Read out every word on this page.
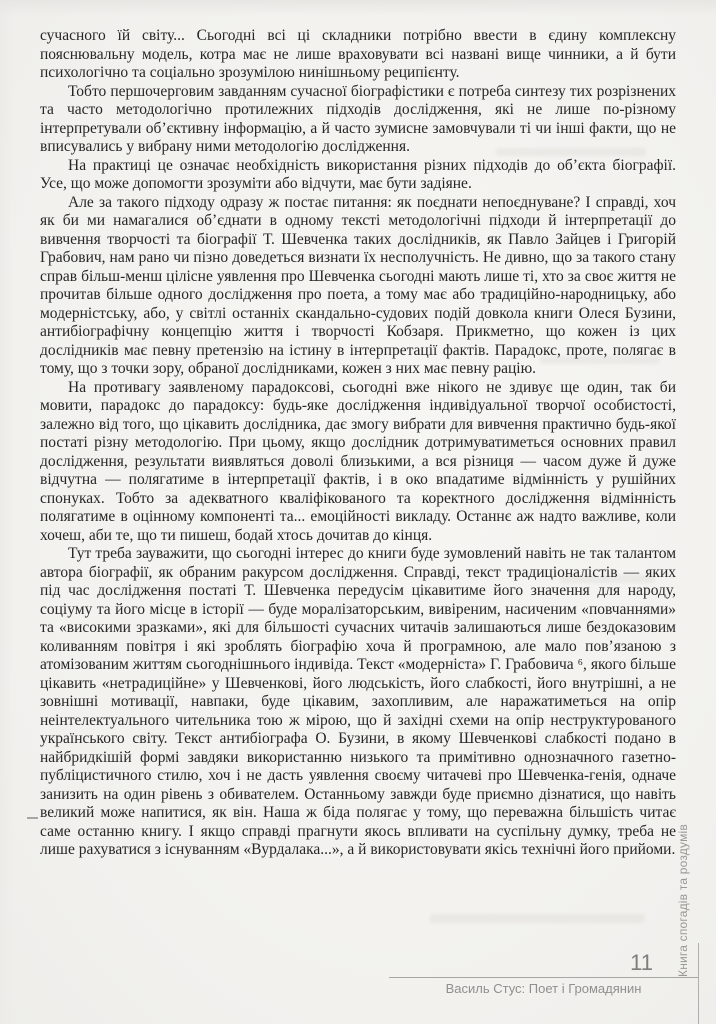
сучасного їй світу... Сьогодні всі ці складники потрібно ввести в єдину комплексну пояснювальну модель, котра має не лише враховувати всі названі вище чинники, а й бути психологічно та соціально зрозумілою нинішньому реципієнту.

Тобто першочерговим завданням сучасної біографістики є потреба синтезу тих розрізнених та часто методологічно протилежних підходів дослідження, які не лише по-різному інтерпретували об’єктивну інформацію, а й часто зумисне замовчували ті чи інші факти, що не вписувались у вибрану ними методологію дослідження.

На практиці це означає необхідність використання різних підходів до об’єкта біографії. Усе, що може допомогти зрозуміти або відчути, має бути задіяне.

Але за такого підходу одразу ж постає питання: як поєднати непоєднуване? І справді, хоч як би ми намагалися об’єднати в одному тексті методологічні підходи й інтерпретації до вивчення творчості та біографії Т. Шевченка таких дослідників, як Павло Зайцев і Григорій Грабович, нам рано чи пізно доведеться визнати їх несполучність. Не дивно, що за такого стану справ більш-менш цілісне уявлення про Шевченка сьогодні мають лише ті, хто за своє життя не прочитав більше одного дослідження про поета, а тому має або традиційно-народницьку, або модерністську, або, у світлі останніх скандально-судових подій довкола книги Олеся Бузини, антибіографічну концепцію життя і творчості Кобзаря. Прикметно, що кожен із цих дослідників має певну претензію на істину в інтерпретації фактів. Парадокс, проте, полягає в тому, що з точки зору, обраної дослідниками, кожен з них має певну рацію.

На противагу заявленому парадоксові, сьогодні вже нікого не здивує ще один, так би мовити, парадокс до парадоксу: будь-яке дослідження індивідуальної творчої особистості, залежно від того, що цікавить дослідника, дає змогу вибрати для вивчення практично будь-якої постаті різну методологію. При цьому, якщо дослідник дотримуватиметься основних правил дослідження, результати виявляться доволі близькими, а вся різниця — часом дуже й дуже відчутна — полягатиме в інтерпретації фактів, і в око впадатиме відмінність у рушійних спонуках. Тобто за адекватного кваліфікованого та коректного дослідження відмінність полягатиме в оцінному компоненті та... емоційності викладу. Останнє аж надто важливе, коли хочеш, аби те, що ти пишеш, бодай хтось дочитав до кінця.

Тут треба зауважити, що сьогодні інтерес до книги буде зумовлений навіть не так талантом автора біографії, як обраним ракурсом дослідження. Справді, текст традиціоналістів — яких під час дослідження постаті Т. Шевченка передусім цікавитиме його значення для народу, соціуму та його місце в історії — буде моралізаторським, вивіреним, насиченим «повчаннями» та «високими зразками», які для більшості сучасних читачів залишаються лише бездоказовим коливанням повітря і які зроблять біографію хоча й програмною, але мало пов’язаною з атомізованим життям сьогоднішнього індивіда. Текст «модерніста» Г. Грабовича ⁶, якого більше цікавить «нетрадиційне» у Шевченкові, його людськість, його слабкості, його внутрішні, а не зовнішні мотивації, навпаки, буде цікавим, захопливим, але наражатиметься на опір неінтелектуального чительника тою ж мірою, що й західні схеми на опір неструктурованого українського світу. Текст антибіографа О. Бузини, в якому Шевченкові слабкості подано в найбридкішій формі завдяки використанню низького та примітивно однозначного газетно-публіцистичного стилю, хоч і не дасть уявлення своєму читачеві про Шевченка-генія, одначе занизить на один рівень з обивателем. Останньому завжди буде приємно дізнатися, що навіть великий може напитися, як він. Наша ж біда полягає у тому, що переважна більшість читає саме останню книгу. І якщо справді прагнути якось впливати на суспільну думку, треба не лише рахуватися з існуванням «Вурдалака...», а й використовувати якісь технічні його прийоми.

11
Василь Стус: Поет і Громадянин
Книга спогадів та роздумів
